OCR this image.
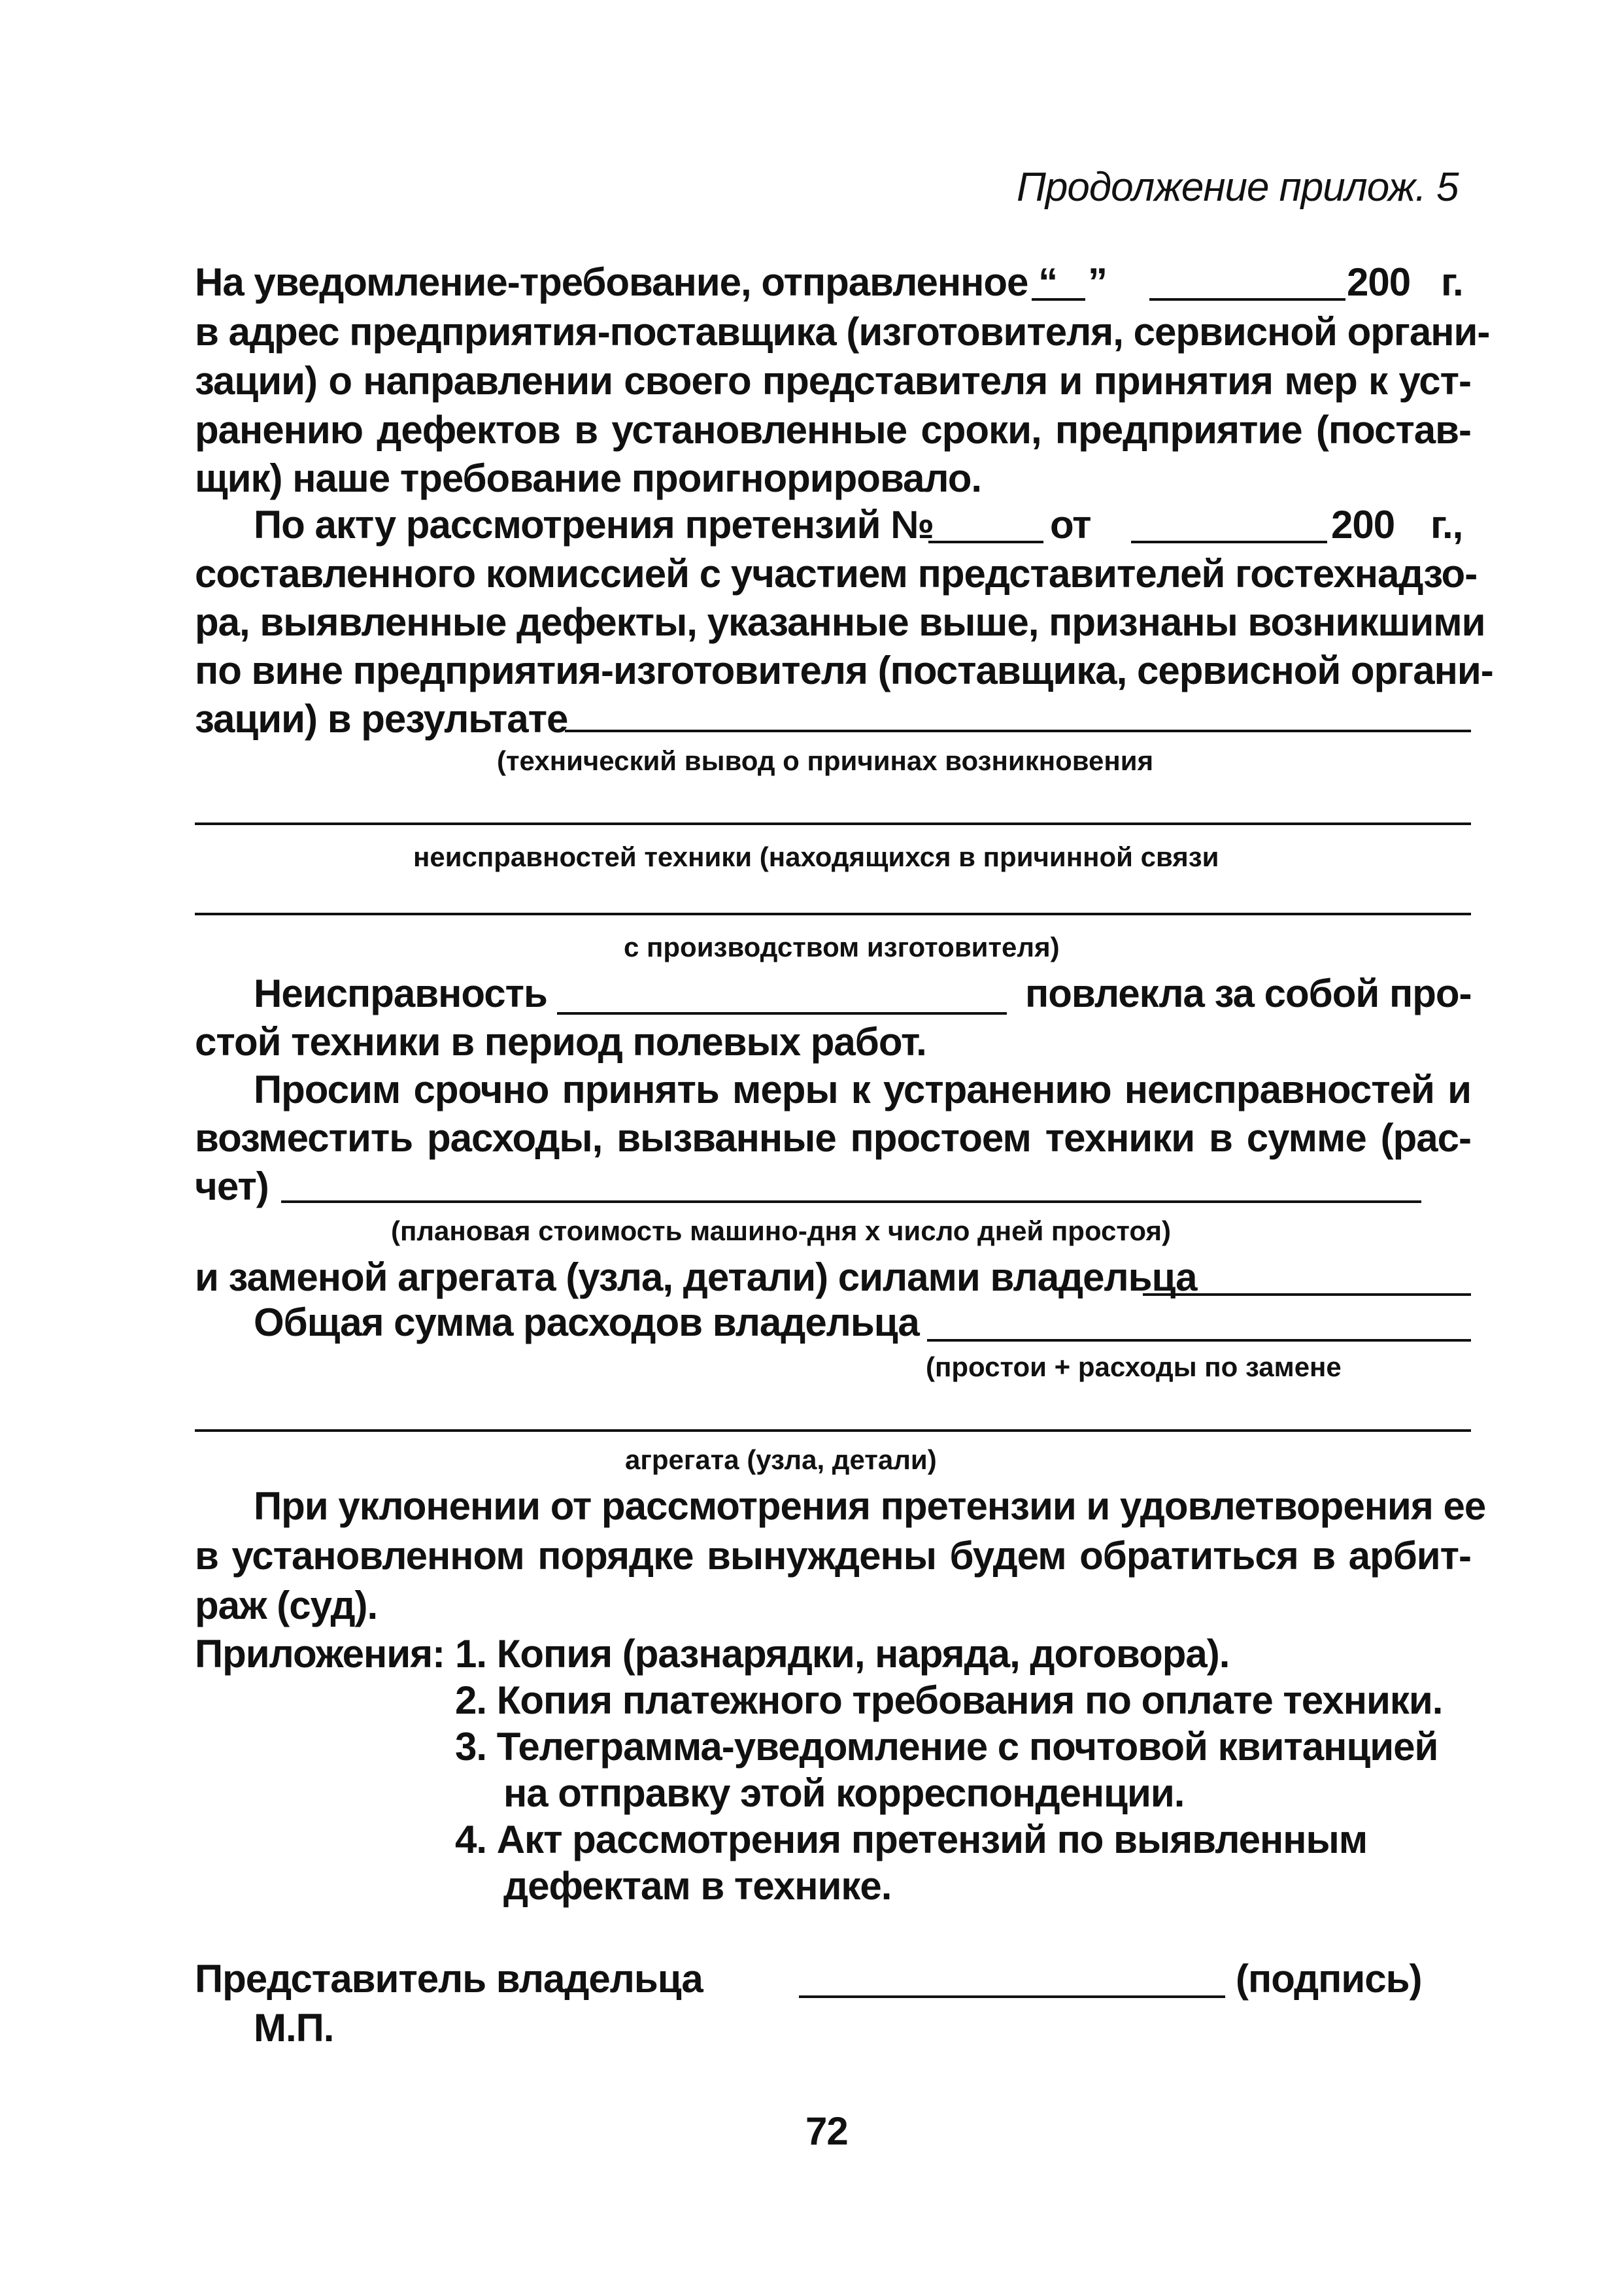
Продолжение прилож. 5
На уведомление-требование, отправленное “ ”	200 г.
в адрес предприятия-поставщика (изготовителя, сервисной органи-
зации) о направлении своего представителя и принятия мер к уст-
ранению дефектов в установленные сроки, предприятие (постав-
щик) наше требование проигнорировало.
По акту рассмотрения претензий №	от	200 г.,
составленного комиссией с участием представителей гостехнадзо-
ра, выявленные дефекты, указанные выше, признаны возникшими
по вине предприятия-изготовителя (поставщика, сервисной органи-
зации) в результате
(технический вывод о причинах возникновения
неисправностей техники (находящихся в причинной связи
с производством изготовителя)
Неисправность	повлекла за собой про-
стой техники в период полевых работ.
Просим срочно принять меры к устранению неисправностей и
возместить расходы, вызванные простоем техники в сумме (рас-
чет)
(плановая стоимость машино-дня х число дней простоя)
и заменой агрегата (узла, детали) силами владельца
Общая сумма расходов владельца
(простои + расходы по замене
агрегата (узла, детали)
При уклонении от рассмотрения претензии и удовлетворения ее
в установленном порядке вынуждены будем обратиться в арбит-
раж (суд).
Приложения: 1. Копия (разнарядки, наряда, договора).
2. Копия платежного требования по оплате техники.
3. Телеграмма-уведомление с почтовой квитанцией
на отправку этой корреспонденции.
4. Акт рассмотрения претензий по выявленным
дефектам в технике.
Представитель владельца	(подпись)
М.П.
72
